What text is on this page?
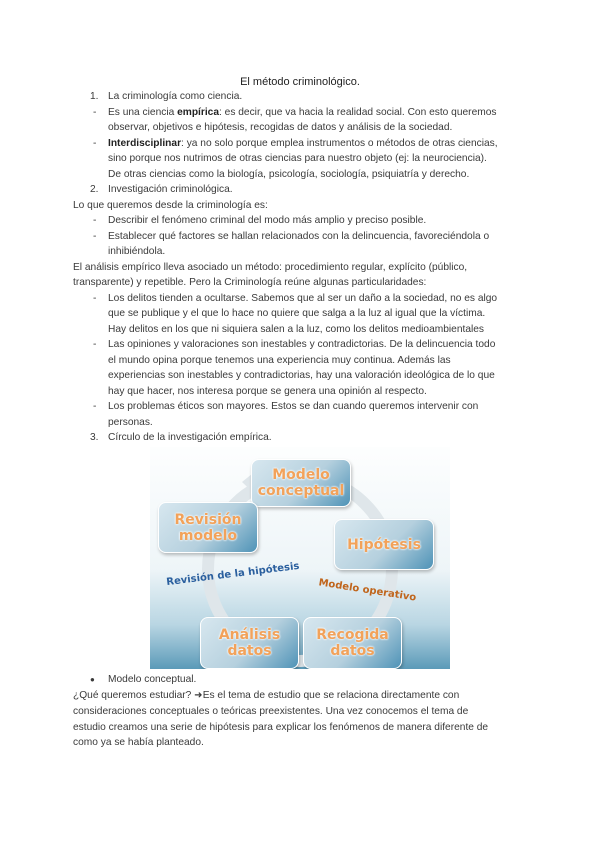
El método criminológico.
1. La criminología como ciencia.
- Es una ciencia empírica: es decir, que va hacia la realidad social. Con esto queremos
observar, objetivos e hipótesis, recogidas de datos y análisis de la sociedad.
- Interdisciplinar: ya no solo porque emplea instrumentos o métodos de otras ciencias,
sino porque nos nutrimos de otras ciencias para nuestro objeto (ej: la neurociencia).
De otras ciencias como la biología, psicología, sociología, psiquiatría y derecho.
2. Investigación criminológica.
Lo que queremos desde la criminología es:
- Describir el fenómeno criminal del modo más amplio y preciso posible.
- Establecer qué factores se hallan relacionados con la delincuencia, favoreciéndola o
inhibiéndola.
El análisis empírico lleva asociado un método: procedimiento regular, explícito (público,
transparente) y repetible. Pero la Criminología reúne algunas particularidades:
- Los delitos tienden a ocultarse. Sabemos que al ser un daño a la sociedad, no es algo
que se publique y el que lo hace no quiere que salga a la luz al igual que la víctima.
Hay delitos en los que ni siquiera salen a la luz, como los delitos medioambientales
- Las opiniones y valoraciones son inestables y contradictorias. De la delincuencia todo
el mundo opina porque tenemos una experiencia muy continua. Además las
experiencias son inestables y contradictorias, hay una valoración ideológica de lo que
hay que hacer, nos interesa porque se genera una opinión al respecto.
- Los problemas éticos son mayores. Estos se dan cuando queremos intervenir con
personas.
3. Círculo de la investigación empírica.
Modelo
conceptual
Revisión
modelo
Hipótesis
Análisis
datos
Recogida
datos
Revisión de la hipótesis
Modelo operativo
● Modelo conceptual.
¿Qué queremos estudiar? ➜Es el tema de estudio que se relaciona directamente con
consideraciones conceptuales o teóricas preexistentes. Una vez conocemos el tema de
estudio creamos una serie de hipótesis para explicar los fenómenos de manera diferente de
como ya se había planteado.
